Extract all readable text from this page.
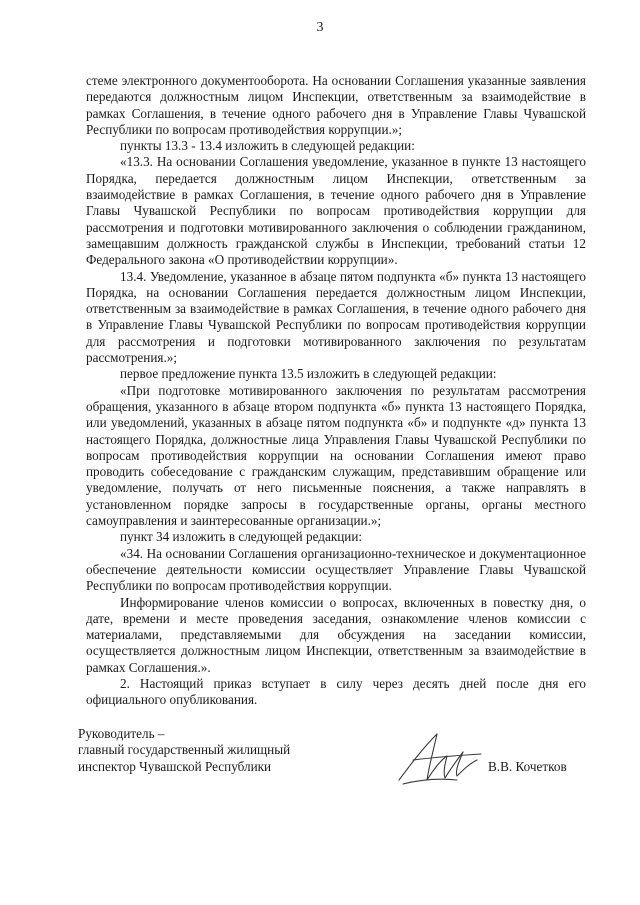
3

стеме электронного документооборота. На основании Соглашения указанные заявления передаются должностным лицом Инспекции, ответственным за взаимодействие в рамках Соглашения, в течение одного рабочего дня в Управление Главы Чувашской Республики по вопросам противодействия коррупции.»;

пункты 13.3 - 13.4 изложить в следующей редакции:

«13.3. На основании Соглашения уведомление, указанное в пункте 13 настоящего Порядка, передается должностным лицом Инспекции, ответственным за взаимодействие в рамках Соглашения, в течение одного рабочего дня в Управление Главы Чувашской Республики по вопросам противодействия коррупции для рассмотрения и подготовки мотивированного заключения о соблюдении гражданином, замещавшим должность гражданской службы в Инспекции, требований статьи 12 Федерального закона «О противодействии коррупции».

13.4. Уведомление, указанное в абзаце пятом подпункта «б» пункта 13 настоящего Порядка, на основании Соглашения передается должностным лицом Инспекции, ответственным за взаимодействие в рамках Соглашения, в течение одного рабочего дня в Управление Главы Чувашской Республики по вопросам противодействия коррупции для рассмотрения и подготовки мотивированного заключения по результатам рассмотрения.»;

первое предложение пункта 13.5 изложить в следующей редакции:

«При подготовке мотивированного заключения по результатам рассмотрения обращения, указанного в абзаце втором подпункта «б» пункта 13 настоящего Порядка, или уведомлений, указанных в абзаце пятом подпункта «б» и подпункте «д» пункта 13 настоящего Порядка, должностные лица Управления Главы Чувашской Республики по вопросам противодействия коррупции на основании Соглашения имеют право проводить собеседование с гражданским служащим, представившим обращение или уведомление, получать от него письменные пояснения, а также направлять в установленном порядке запросы в государственные органы, органы местного самоуправления и заинтересованные организации.»;

пункт 34 изложить в следующей редакции:

«34. На основании Соглашения организационно-техническое и документационное обеспечение деятельности комиссии осуществляет Управление Главы Чувашской Республики по вопросам противодействия коррупции.

Информирование членов комиссии о вопросах, включенных в повестку дня, о дате, времени и месте проведения заседания, ознакомление членов комиссии с материалами, представляемыми для обсуждения на заседании комиссии, осуществляется должностным лицом Инспекции, ответственным за взаимодействие в рамках Соглашения.».

2. Настоящий приказ вступает в силу через десять дней после дня его официального опубликования.

Руководитель –
главный государственный жилищный
инспектор Чувашской Республики	В.В. Кочетков
